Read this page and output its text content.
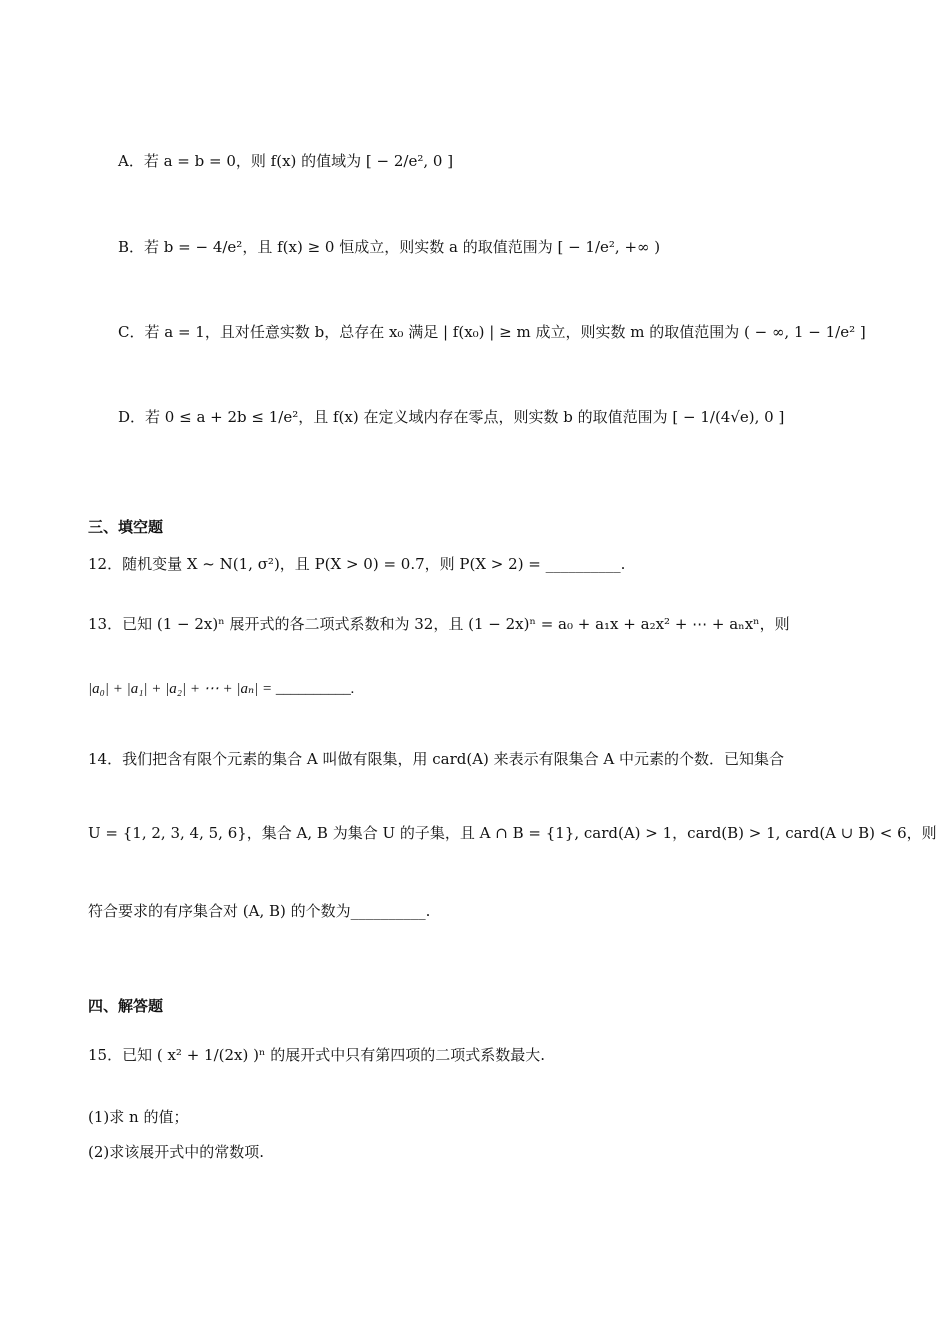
A．若 a = b = 0，则 f(x) 的值域为 [ − 2/e², 0 ]
B．若 b = − 4/e²，且 f(x) ≥ 0 恒成立，则实数 a 的取值范围为 [ − 1/e², +∞ )
C．若 a = 1，且对任意实数 b，总存在 x₀ 满足 | f(x₀) | ≥ m 成立，则实数 m 的取值范围为 ( − ∞, 1 − 1/e² ]
D．若 0 ≤ a + 2b ≤ 1/e²，且 f(x) 在定义域内存在零点，则实数 b 的取值范围为 [ − 1/(4√e), 0 ]
三、填空题
12．随机变量 X ~ N(1, σ²)，且 P(X > 0) = 0.7，则 P(X > 2) = __________.
13．已知 (1 − 2x)ⁿ 展开式的各二项式系数和为 32，且 (1 − 2x)ⁿ = a₀ + a₁x + a₂x² + ⋯ + aₙxⁿ，则
|a₀| + |a₁| + |a₂| + ⋯ + |aₙ| = __________.
14．我们把含有限个元素的集合 A 叫做有限集，用 card(A) 来表示有限集合 A 中元素的个数．已知集合
U = {1, 2, 3, 4, 5, 6}，集合 A, B 为集合 U 的子集，且 A ∩ B = {1}, card(A) > 1，card(B) > 1, card(A ∪ B) < 6，则
符合要求的有序集合对 (A, B) 的个数为__________.
四、解答题
15．已知 ( x² + 1/(2x) )ⁿ 的展开式中只有第四项的二项式系数最大.
(1)求 n 的值；
(2)求该展开式中的常数项.
